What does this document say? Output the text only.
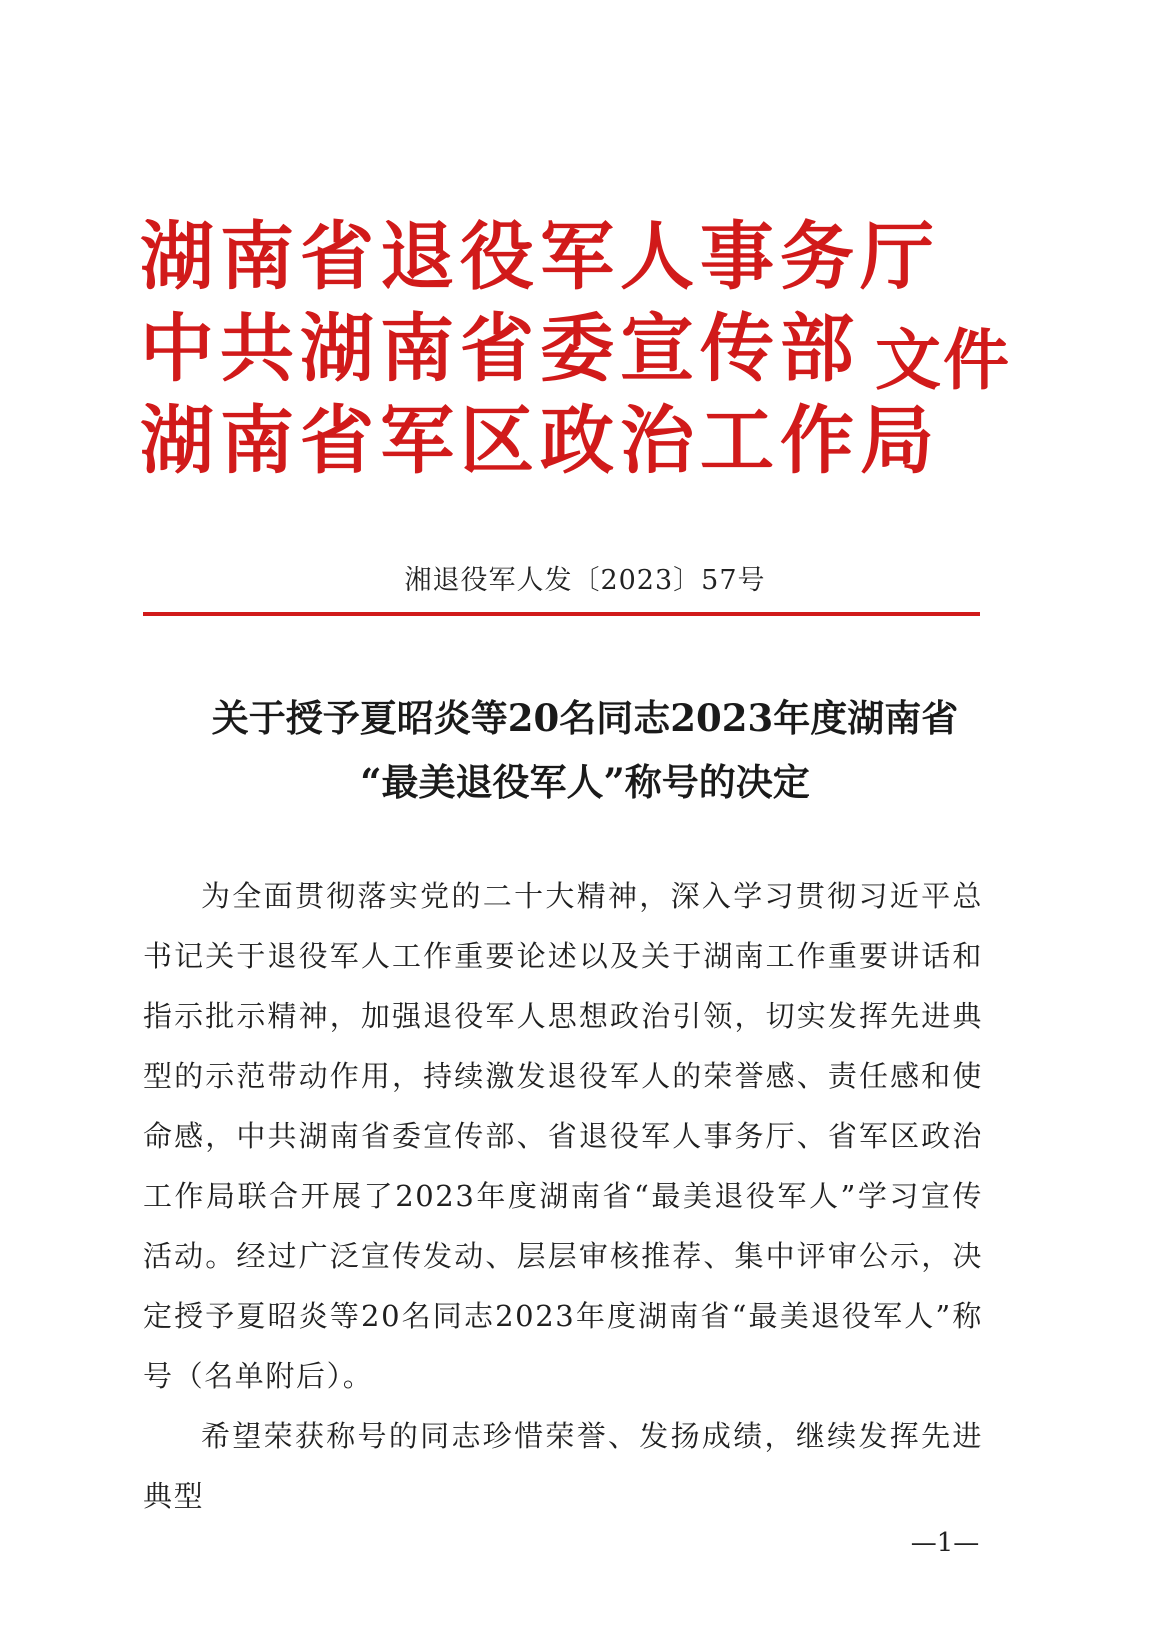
湖南省退役军人事务厅
中共湖南省委宣传部
湖南省军区政治工作局
文件
湘退役军人发〔2023〕57号
关于授予夏昭炎等20名同志2023年度湖南省
“最美退役军人”称号的决定

为全面贯彻落实党的二十大精神，深入学习贯彻习近平总书记关于退役军人工作重要论述以及关于湖南工作重要讲话和指示批示精神，加强退役军人思想政治引领，切实发挥先进典型的示范带动作用，持续激发退役军人的荣誉感、责任感和使命感，中共湖南省委宣传部、省退役军人事务厅、省军区政治工作局联合开展了2023年度湖南省“最美退役军人”学习宣传活动。经过广泛宣传发动、层层审核推荐、集中评审公示，决定授予夏昭炎等20名同志2023年度湖南省“最美退役军人”称号（名单附后）。

希望荣获称号的同志珍惜荣誉、发扬成绩，继续发挥先进典型

—1—
